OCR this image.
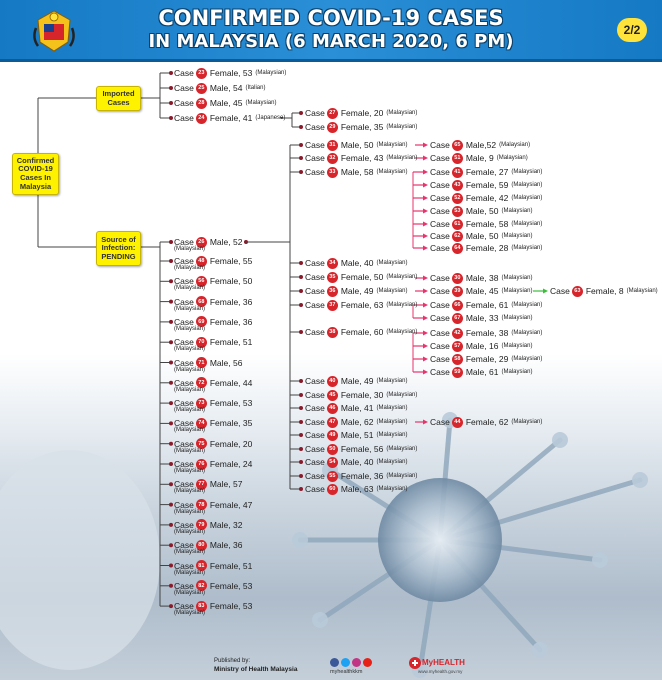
CONFIRMED COVID-19 CASES
IN MALAYSIA (6 MARCH 2020, 6 PM)
2/2
Confirmed
COVID-19
Cases In Malaysia
Imported
Cases
Source of
Infection:
PENDING
Published by:
Ministry of Health Malaysia	myhealthkkm
MyHEALTH
www.myhealth.gov.my
Case 23 Female, 53 (Malaysian)
Case 25 Male, 54 (Italian)
Case 28 Male, 45 (Malaysian)
Case 24 Female, 41 (Japanese) Case 27 Female, 20 (Malaysian)
Case 29 Female, 35 (Malaysian)
Case 26 Male, 52
(Malaysian)
Case 48 Female, 55
(Malaysian)
Case 56 Female, 50
(Malaysian)
Case 68 Female, 36
(Malaysian)
Case 69 Female, 36
(Malaysian)
Case 70 Female, 51
(Malaysian)
Case 71 Male, 56
(Malaysian)
Case 72 Female, 44
(Malaysian)
Case 73 Female, 53
(Malaysian)
Case 74 Female, 35
(Malaysian)
Case 75 Female, 20
(Malaysian)
Case 76 Female, 24
(Malaysian)
Case 77 Male, 57
(Malaysian)
Case 78 Female, 47
(Malaysian)
Case 79 Male, 32
(Malaysian)
Case 80 Male, 36
(Malaysian)
Case 81 Female, 51
(Malaysian)
Case 82 Female, 53
(Malaysian)
Case 83 Female, 53
(Malaysian)
Case 31 Male, 50 (Malaysian)
Case 32 Female, 43 (Malaysian)
Case 33 Male, 58 (Malaysian)
Case 34 Male, 40 (Malaysian)
Case 35 Female, 50 (Malaysian)
Case 36 Male, 49 (Malaysian)
Case 37 Female, 63 (Malaysian)
Case 38 Female, 60 (Malaysian)
Case 40 Male, 49 (Malaysian)
Case 45 Female, 30 (Malaysian)
Case 46 Male, 41 (Malaysian)
Case 47 Male, 62 (Malaysian)
Case 49 Male, 51 (Malaysian)
Case 50 Female, 56 (Malaysian)
Case 54 Male, 40 (Malaysian)
Case 55 Female, 36 (Malaysian)
Case 60 Male, 63 (Malaysian)
Case 65 Male,52 (Malaysian)
Case 51 Male, 9 (Malaysian)
Case 41 Female, 27 (Malaysian)
Case 43 Female, 59 (Malaysian)
Case 52 Female, 42 (Malaysian)
Case 53 Male, 50 (Malaysian)
Case 61 Female, 58 (Malaysian)
Case 62 Male, 50 (Malaysian)
Case 64 Female, 28 (Malaysian)
Case 30 Male, 38 (Malaysian)
Case 39 Male, 45 (Malaysian) Case 63 Female, 8 (Malaysian)
Case 66 Female, 61 (Malaysian)
Case 67 Male, 33 (Malaysian)
Case 42 Female, 38 (Malaysian)
Case 57 Male, 16 (Malaysian)
Case 58 Female, 29 (Malaysian)
Case 59 Male, 61 (Malaysian)
Case 44 Female, 62 (Malaysian)
